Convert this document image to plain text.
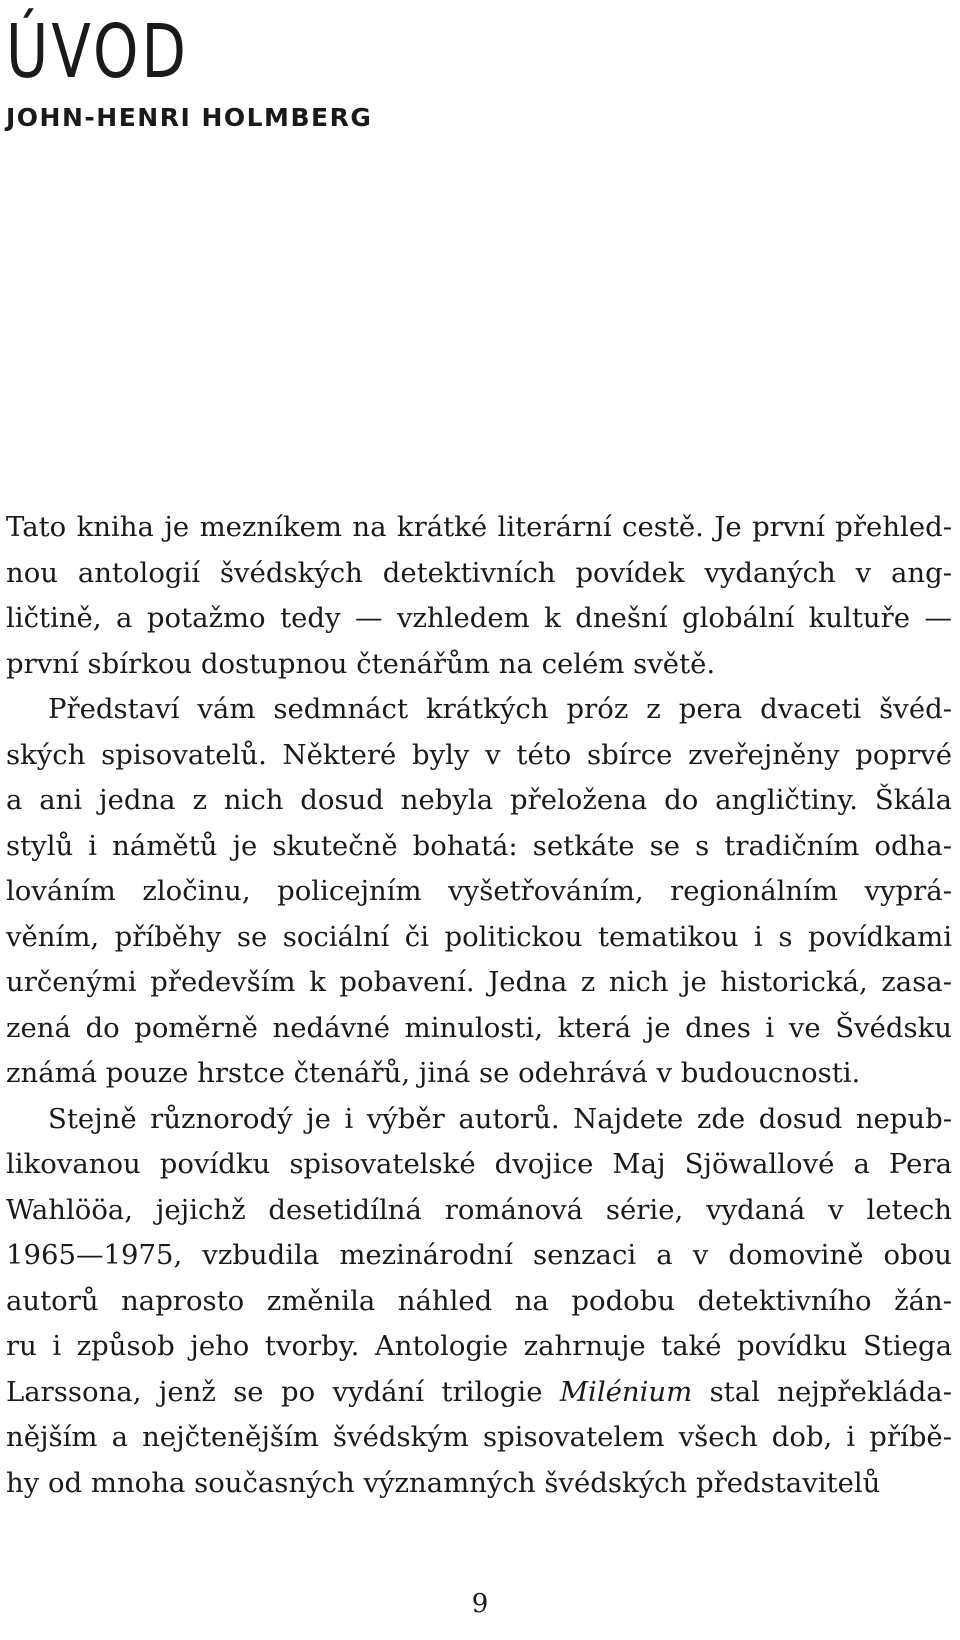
ÚVOD
JOHN-HENRI HOLMBERG
Tato kniha je mezníkem na krátké literární cestě. Je první přehled-
nou antologií švédských detektivních povídek vydaných v ang-
ličtině, a potažmo tedy — vzhledem k dnešní globální kultuře —
první sbírkou dostupnou čtenářům na celém světě.
Představí vám sedmnáct krátkých próz z pera dvaceti švéd-
ských spisovatelů. Některé byly v této sbírce zveřejněny poprvé
a ani jedna z nich dosud nebyla přeložena do angličtiny. Škála
stylů i námětů je skutečně bohatá: setkáte se s tradičním odha-
lováním zločinu, policejním vyšetřováním, regionálním vyprá-
věním, příběhy se sociální či politickou tematikou i s povídkami
určenými především k pobavení. Jedna z nich je historická, zasa-
zená do poměrně nedávné minulosti, která je dnes i ve Švédsku
známá pouze hrstce čtenářů, jiná se odehrává v budoucnosti.
Stejně různorodý je i výběr autorů. Najdete zde dosud nepub-
likovanou povídku spisovatelské dvojice Maj Sjöwallové a Pera
Wahlööa, jejichž desetidílná románová série, vydaná v letech
1965—1975, vzbudila mezinárodní senzaci a v domovině obou
autorů naprosto změnila náhled na podobu detektivního žán-
ru i způsob jeho tvorby. Antologie zahrnuje také povídku Stiega
Larssona, jenž se po vydání trilogie Milénium stal nejpřekláda-
nějším a nejčtenějším švédským spisovatelem všech dob, i příbě-
hy od mnoha současných významných švédských představitelů
9
